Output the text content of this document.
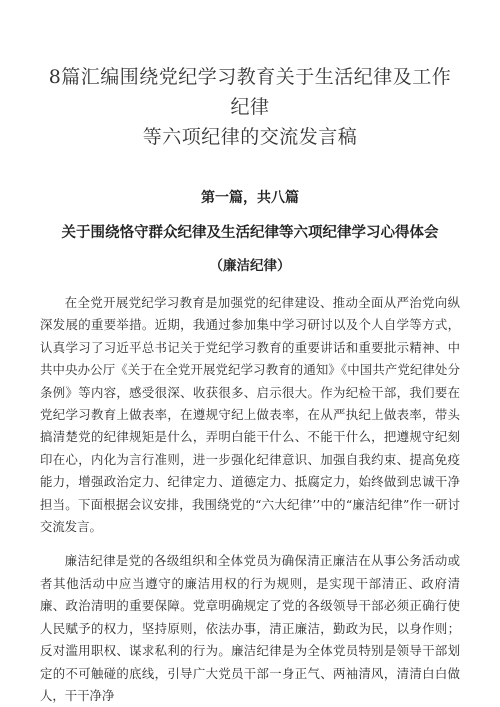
8篇汇编围绕党纪学习教育关于生活纪律及工作纪律
等六项纪律的交流发言稿
第一篇，共八篇
关于围绕恪守群众纪律及生活纪律等六项纪律学习心得体会
（廉洁纪律）

在全党开展党纪学习教育是加强党的纪律建设、推动全面从严治党向纵深发展的重要举措。近期，我通过参加集中学习研讨以及个人自学等方式，认真学习了习近平总书记关于党纪学习教育的重要讲话和重要批示精神、中共中央办公厅《关于在全党开展党纪学习教育的通知》《中国共产党纪律处分条例》等内容，感受很深、收获很多、启示很大。作为纪检干部，我们要在党纪学习教育上做表率，在遵规守纪上做表率，在从严执纪上做表率，带头搞清楚党的纪律规矩是什么，弄明白能干什么、不能干什么，把遵规守纪刻印在心，内化为言行准则，进一步强化纪律意识、加强自我约束、提高免疫能力，增强政治定力、纪律定力、道德定力、抵腐定力，始终做到忠诚干净担当。下面根据会议安排，我围绕党的“六大纪律’’中的“廉洁纪律”作一研讨交流发言。

廉洁纪律是党的各级组织和全体党员为确保清正廉洁在从事公务活动或者其他活动中应当遵守的廉洁用权的行为规则，是实现干部清正、政府清廉、政治清明的重要保障。党章明确规定了党的各级领导干部必须正确行使人民赋予的权力，坚持原则，依法办事，清正廉洁，勤政为民，以身作则；反对滥用职权、谋求私利的行为。廉洁纪律是为全体党员特别是领导干部划定的不可触碰的底线，引导广大党员干部一身正气、两袖清风，清清白白做人，干干净净
